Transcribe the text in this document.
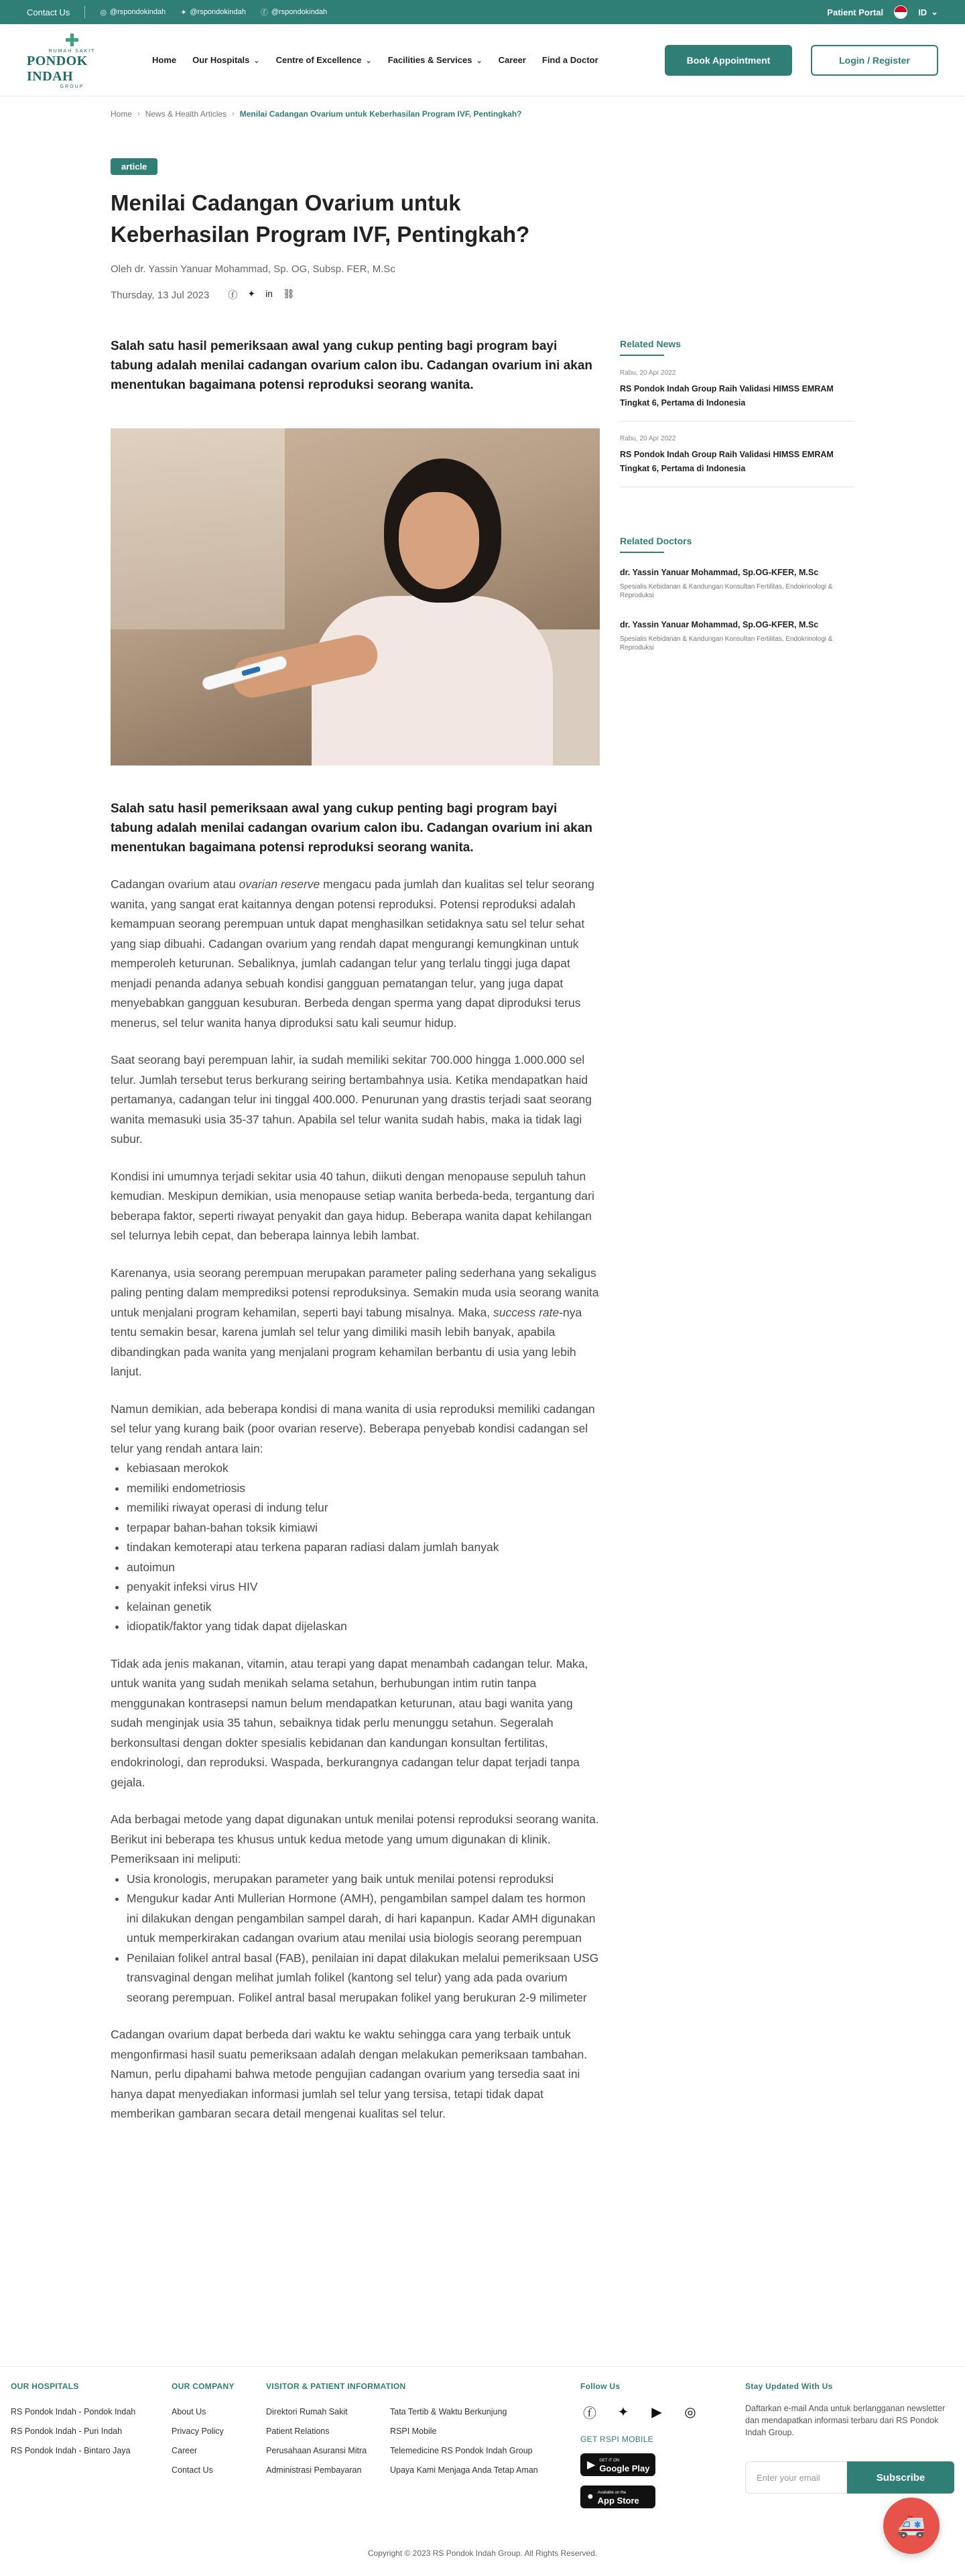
Contact Us	◎ @rspondokindah ✦ @rspondokindah ⓕ @rspondokindah	Patient Portal	ID ⌄
✚
RUMAH SAKIT
PONDOK INDAH
GROUP
Home Our Hospitals ⌄ Centre of Excellence ⌄ Facilities & Services ⌄ Career Find a Doctor	Book Appointment	Login / Register
Home › News & Health Articles › Menilai Cadangan Ovarium untuk Keberhasilan Program IVF, Pentingkah?
article
Menilai Cadangan Ovarium untuk Keberhasilan Program IVF, Pentingkah?
Oleh dr. Yassin Yanuar Mohammad, Sp. OG, Subsp. FER, M.Sc
Thursday, 13 Jul 2023 ⓕ ✦ in ⛓

Salah satu hasil pemeriksaan awal yang cukup penting bagi program bayi tabung adalah menilai cadangan ovarium calon ibu. Cadangan ovarium ini akan menentukan bagaimana potensi reproduksi seorang wanita.

Salah satu hasil pemeriksaan awal yang cukup penting bagi program bayi tabung adalah menilai cadangan ovarium calon ibu. Cadangan ovarium ini akan menentukan bagaimana potensi reproduksi seorang wanita.

Cadangan ovarium atau ovarian reserve mengacu pada jumlah dan kualitas sel telur seorang wanita, yang sangat erat kaitannya dengan potensi reproduksi. Potensi reproduksi adalah kemampuan seorang perempuan untuk dapat menghasilkan setidaknya satu sel telur sehat yang siap dibuahi. Cadangan ovarium yang rendah dapat mengurangi kemungkinan untuk memperoleh keturunan. Sebaliknya, jumlah cadangan telur yang terlalu tinggi juga dapat menjadi penanda adanya sebuah kondisi gangguan pematangan telur, yang juga dapat menyebabkan gangguan kesuburan. Berbeda dengan sperma yang dapat diproduksi terus menerus, sel telur wanita hanya diproduksi satu kali seumur hidup.

Saat seorang bayi perempuan lahir, ia sudah memiliki sekitar 700.000 hingga 1.000.000 sel telur. Jumlah tersebut terus berkurang seiring bertambahnya usia. Ketika mendapatkan haid pertamanya, cadangan telur ini tinggal 400.000. Penurunan yang drastis terjadi saat seorang wanita memasuki usia 35-37 tahun. Apabila sel telur wanita sudah habis, maka ia tidak lagi subur.

Kondisi ini umumnya terjadi sekitar usia 40 tahun, diikuti dengan menopause sepuluh tahun kemudian. Meskipun demikian, usia menopause setiap wanita berbeda-beda, tergantung dari beberapa faktor, seperti riwayat penyakit dan gaya hidup. Beberapa wanita dapat kehilangan sel telurnya lebih cepat, dan beberapa lainnya lebih lambat.

Karenanya, usia seorang perempuan merupakan parameter paling sederhana yang sekaligus paling penting dalam memprediksi potensi reproduksinya. Semakin muda usia seorang wanita untuk menjalani program kehamilan, seperti bayi tabung misalnya. Maka, success rate-nya tentu semakin besar, karena jumlah sel telur yang dimiliki masih lebih banyak, apabila dibandingkan pada wanita yang menjalani program kehamilan berbantu di usia yang lebih lanjut.

Namun demikian, ada beberapa kondisi di mana wanita di usia reproduksi memiliki cadangan sel telur yang kurang baik (poor ovarian reserve). Beberapa penyebab kondisi cadangan sel telur yang rendah antara lain:

• kebiasaan merokok
• memiliki endometriosis
• memiliki riwayat operasi di indung telur
• terpapar bahan-bahan toksik kimiawi
• tindakan kemoterapi atau terkena paparan radiasi dalam jumlah banyak
• autoimun
• penyakit infeksi virus HIV
• kelainan genetik
• idiopatik/faktor yang tidak dapat dijelaskan

Tidak ada jenis makanan, vitamin, atau terapi yang dapat menambah cadangan telur. Maka, untuk wanita yang sudah menikah selama setahun, berhubungan intim rutin tanpa menggunakan kontrasepsi namun belum mendapatkan keturunan, atau bagi wanita yang sudah menginjak usia 35 tahun, sebaiknya tidak perlu menunggu setahun. Segeralah berkonsultasi dengan dokter spesialis kebidanan dan kandungan konsultan fertilitas, endokrinologi, dan reproduksi. Waspada, berkurangnya cadangan telur dapat terjadi tanpa gejala.

Ada berbagai metode yang dapat digunakan untuk menilai potensi reproduksi seorang wanita. Berikut ini beberapa tes khusus untuk kedua metode yang umum digunakan di klinik. Pemeriksaan ini meliputi:

• Usia kronologis, merupakan parameter yang baik untuk menilai potensi reproduksi
• Mengukur kadar Anti Mullerian Hormone (AMH), pengambilan sampel dalam tes hormon ini dilakukan dengan pengambilan sampel darah, di hari kapanpun. Kadar AMH digunakan untuk memperkirakan cadangan ovarium atau menilai usia biologis seorang perempuan
• Penilaian folikel antral basal (FAB), penilaian ini dapat dilakukan melalui pemeriksaan USG transvaginal dengan melihat jumlah folikel (kantong sel telur) yang ada pada ovarium seorang perempuan. Folikel antral basal merupakan folikel yang berukuran 2-9 milimeter

Cadangan ovarium dapat berbeda dari waktu ke waktu sehingga cara yang terbaik untuk mengonfirmasi hasil suatu pemeriksaan adalah dengan melakukan pemeriksaan tambahan. Namun, perlu dipahami bahwa metode pengujian cadangan ovarium yang tersedia saat ini hanya dapat menyediakan informasi jumlah sel telur yang tersisa, tetapi tidak dapat memberikan gambaran secara detail mengenai kualitas sel telur.

Related News
Rabu, 20 Apr 2022
RS Pondok Indah Group Raih Validasi HIMSS EMRAM Tingkat 6, Pertama di Indonesia
Rabu, 20 Apr 2022
RS Pondok Indah Group Raih Validasi HIMSS EMRAM Tingkat 6, Pertama di Indonesia
Related Doctors
dr. Yassin Yanuar Mohammad, Sp.OG-KFER, M.Sc
Spesialis Kebidanan & Kandungan Konsultan Fertilitas, Endokrinologi & Reproduksi
dr. Yassin Yanuar Mohammad, Sp.OG-KFER, M.Sc
Spesialis Kebidanan & Kandungan Konsultan Fertilitas, Endokrinologi & Reproduksi
OUR HOSPITALS
RS Pondok Indah - Pondok Indah
RS Pondok Indah - Puri Indah
RS Pondok Indah - Bintaro Jaya
OUR COMPANY
About Us
Privacy Policy
Career
Contact Us
VISITOR & PATIENT INFORMATION
Direktori Rumah Sakit
Patient Relations
Perusahaan Asuransi Mitra
Administrasi Pembayaran
Tata Tertib & Waktu Berkunjung
RSPI Mobile
Telemedicine RS Pondok Indah Group
Upaya Kami Menjaga Anda Tetap Aman
Follow Us
ⓕ ✦	▶	◎
GET RSPI MOBILE
▶ GET IT ON
Google Play
● Available on the
App Store
Stay Updated With Us
Daftarkan e-mail Anda untuk berlangganan newsletter dan mendapatkan informasi terbaru dari RS Pondok Indah Group.
Enter your email	Subscribe
🚑
Copyright © 2023 RS Pondok Indah Group. All Rights Reserved.
